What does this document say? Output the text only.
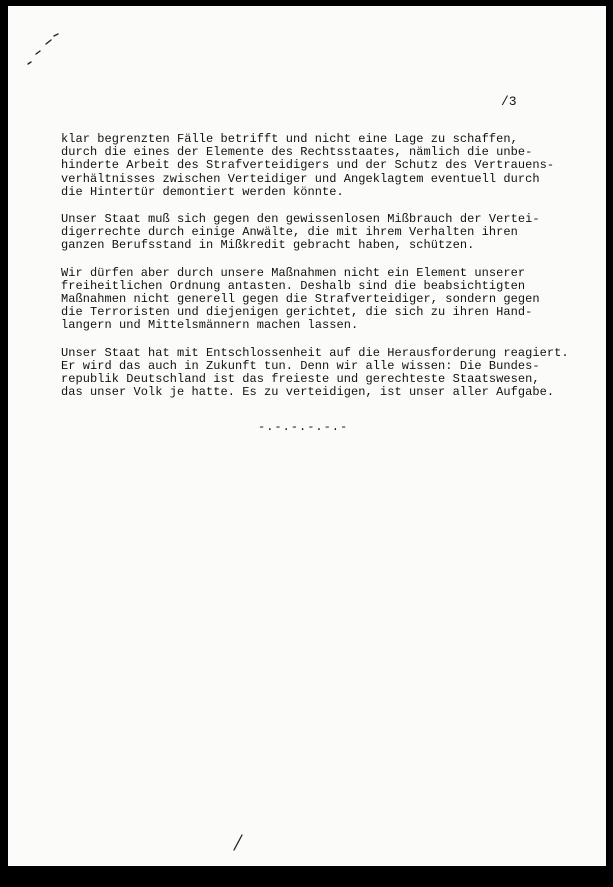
/3

klar begrenzten Fälle betrifft und nicht eine Lage zu schaffen,
durch die eines der Elemente des Rechtsstaates, nämlich die unbe-
hinderte Arbeit des Strafverteidigers und der Schutz des Vertrauens-
verhältnisses zwischen Verteidiger und Angeklagtem eventuell durch
die Hintertür demontiert werden könnte.

Unser Staat muß sich gegen den gewissenlosen Mißbrauch der Vertei-
digerrechte durch einige Anwälte, die mit ihrem Verhalten ihren
ganzen Berufsstand in Mißkredit gebracht haben, schützen.

Wir dürfen aber durch unsere Maßnahmen nicht ein Element unserer
freiheitlichen Ordnung antasten. Deshalb sind die beabsichtigten
Maßnahmen nicht generell gegen die Strafverteidiger, sondern gegen
die Terroristen und diejenigen gerichtet, die sich zu ihren Hand-
langern und Mittelsmännern machen lassen.

Unser Staat hat mit Entschlossenheit auf die Herausforderung reagiert.
Er wird das auch in Zukunft tun. Denn wir alle wissen: Die Bundes-
republik Deutschland ist das freieste und gerechteste Staatswesen,
das unser Volk je hatte. Es zu verteidigen, ist unser aller Aufgabe.

-.-.-.-.-.-
